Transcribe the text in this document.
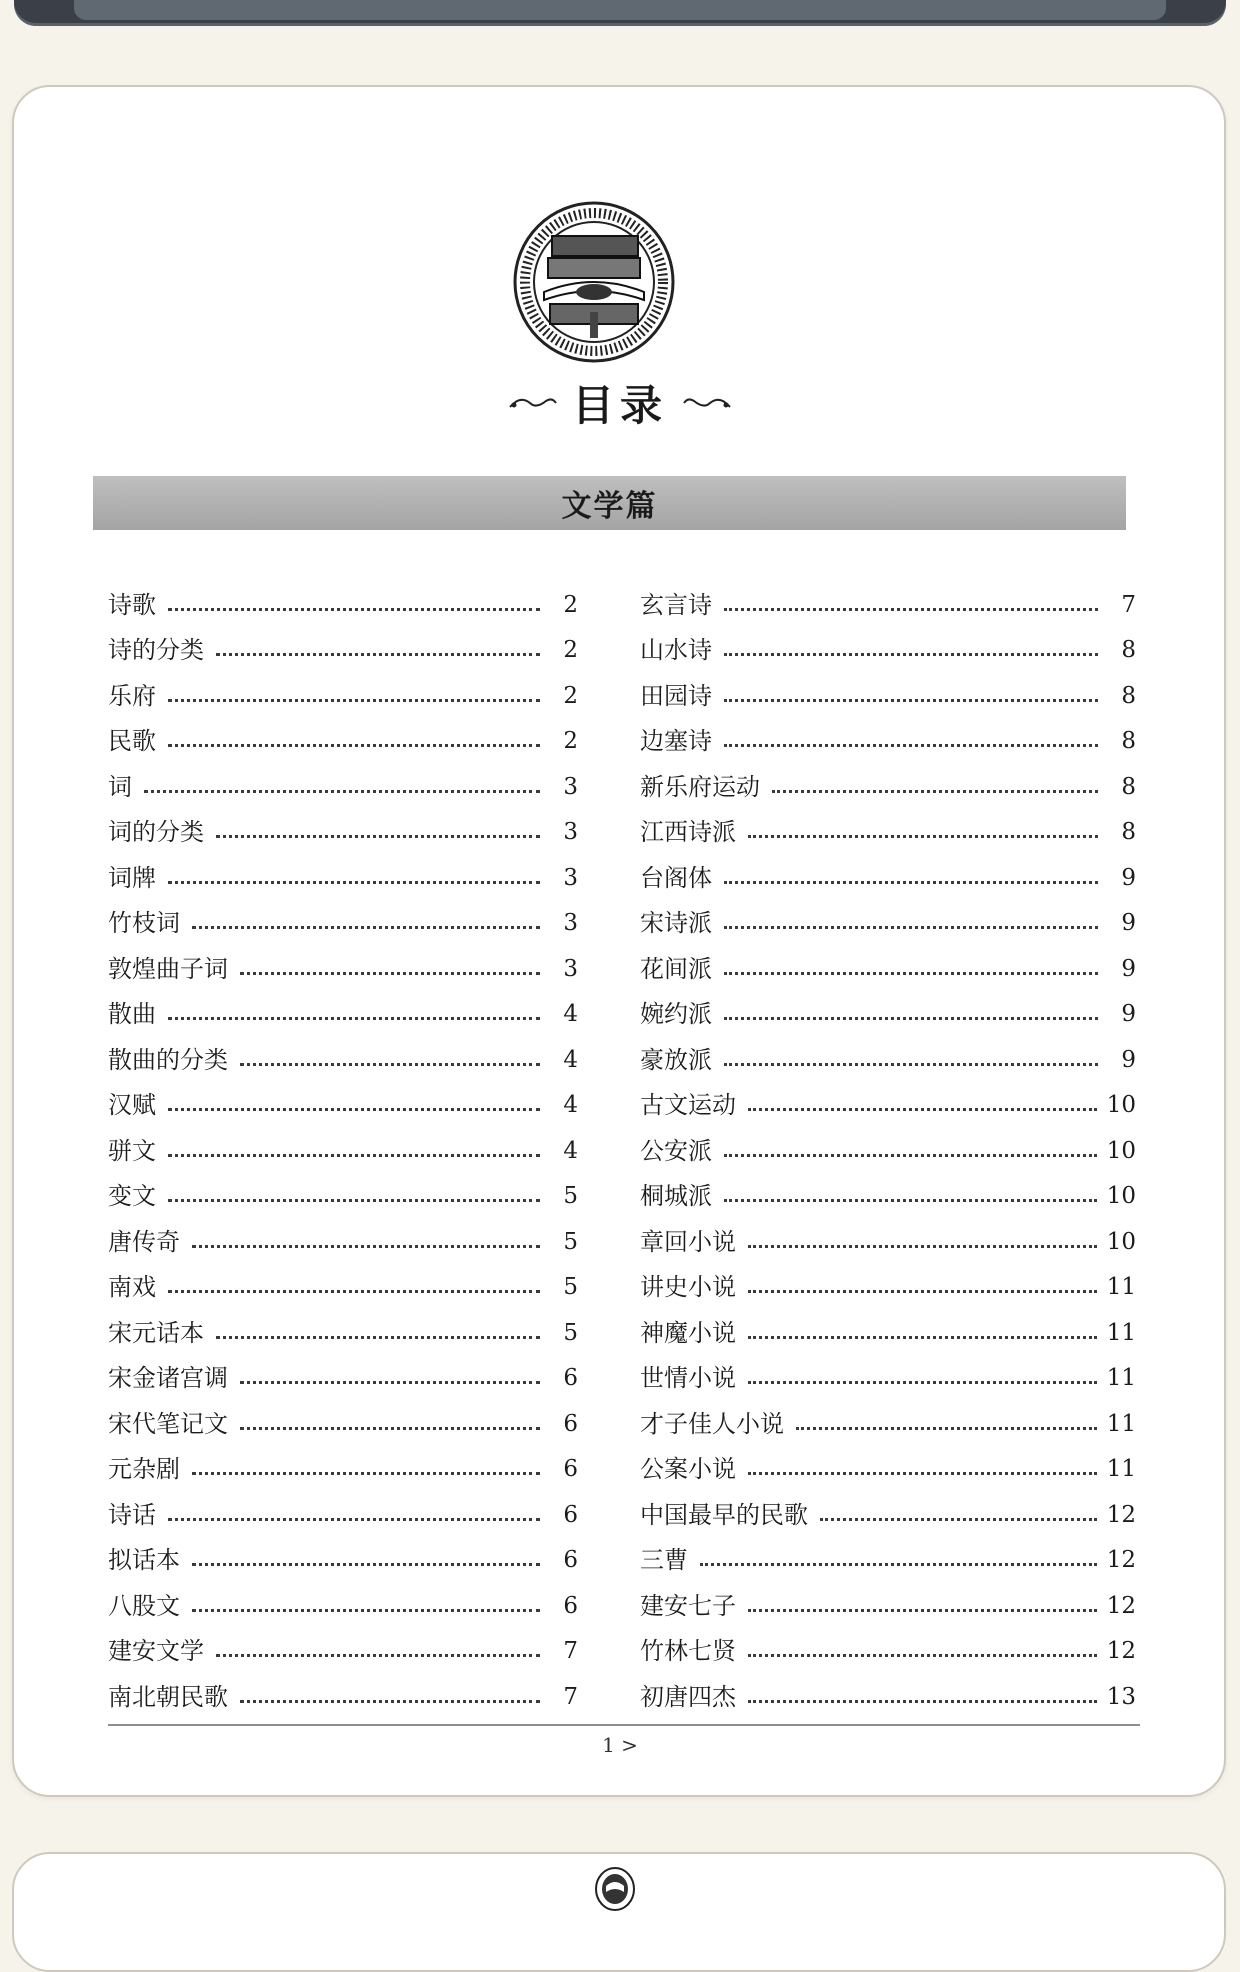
目录
文学篇
诗歌	2
诗的分类	2
乐府	2
民歌	2
词	3
词的分类	3
词牌	3
竹枝词	3
敦煌曲子词	3
散曲	4
散曲的分类	4
汉赋	4
骈文	4
变文	5
唐传奇	5
南戏	5
宋元话本	5
宋金诸宫调	6
宋代笔记文	6
元杂剧	6
诗话	6
拟话本	6
八股文	6
建安文学	7
南北朝民歌	7
玄言诗	7
山水诗	8
田园诗	8
边塞诗	8
新乐府运动	8
江西诗派	8
台阁体	9
宋诗派	9
花间派	9
婉约派	9
豪放派	9
古文运动	10
公安派	10
桐城派	10
章回小说	10
讲史小说	11
神魔小说	11
世情小说	11
才子佳人小说	11
公案小说	11
中国最早的民歌	12
三曹	12
建安七子	12
竹林七贤	12
初唐四杰	13
1 >
